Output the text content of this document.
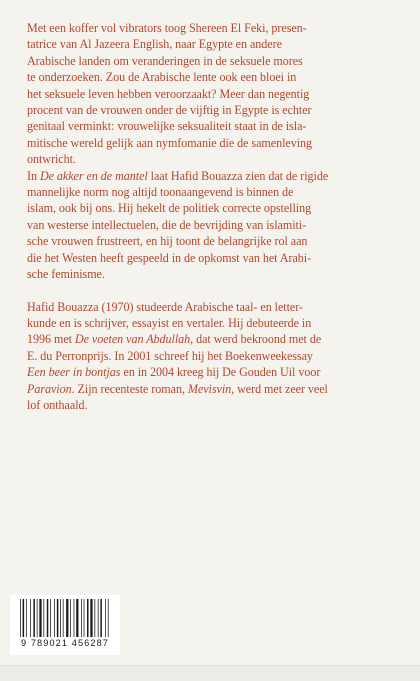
Met een koffer vol vibrators toog Shereen El Feki, presen-
tatrice van Al Jazeera English, naar Egypte en andere
Arabische landen om veranderingen in de seksuele mores
te onderzoeken. Zou de Arabische lente ook een bloei in
het seksuele leven hebben veroorzaakt? Meer dan negentig
procent van de vrouwen onder de vijftig in Egypte is echter
genitaal verminkt: vrouwelijke seksualiteit staat in de isla-
mitische wereld gelijk aan nymfomanie die de samenleving
ontwricht.
In De akker en de mantel laat Hafid Bouazza zien dat de rigide
mannelijke norm nog altijd toonaangevend is binnen de
islam, ook bij ons. Hij hekelt de politiek correcte opstelling
van westerse intellectuelen, die de bevrijding van islamiti-
sche vrouwen frustreert, en hij toont de belangrijke rol aan
die het Westen heeft gespeeld in de opkomst van het Arabi-
sche feminisme.
Hafid Bouazza (1970) studeerde Arabische taal- en letter-
kunde en is schrijver, essayist en vertaler. Hij debuteerde in
1996 met De voeten van Abdullah, dat werd bekroond met de
E. du Perronprijs. In 2001 schreef hij het Boekenweekessay
Een beer in bontjas en in 2004 kreeg hij De Gouden Uil voor
Paravion. Zijn recenteste roman, Mevisvin, werd met zeer veel
lof onthaald.
9 789021 456287
